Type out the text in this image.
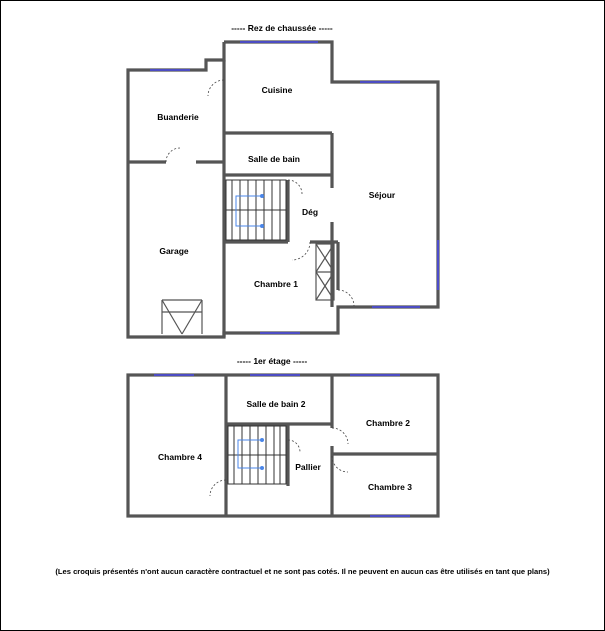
----- Rez de chaussée -----
Cuisine
Buanderie
Salle de bain
Séjour
Dég
Garage
Chambre 1
----- 1er étage -----
Salle de bain 2
Chambre 2
Chambre 4
Pallier
Chambre 3
(Les croquis présentés n'ont aucun caractère contractuel et ne sont pas cotés. Il ne peuvent en aucun cas être utilisés en tant que plans)
